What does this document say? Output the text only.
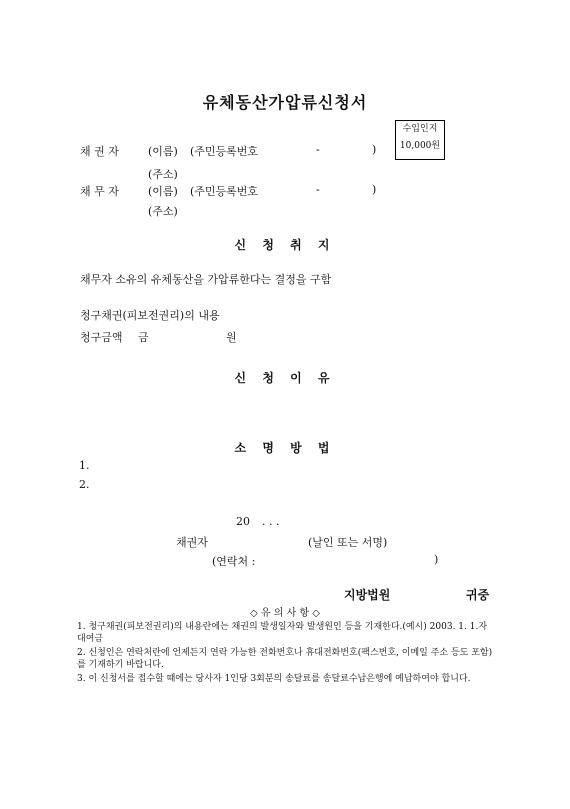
유체동산가압류신청서
수입인지
10,000원
채 권 자	(이름) (주민등록번호	-	)
(주소)
채 무 자	(이름) (주민등록번호	-	)
(주소)
신 청 취 지
채무자 소유의 유체동산을 가압류한다는 결정을 구함
청구채권(피보전권리)의 내용
청구금액 금	원
신 청 이 유
소 명 방 법
1.
2.
20 . . .
채권자	(날인 또는 서명)
(연락처 :	)
지방법원	귀중
◇ 유 의 사 항 ◇
1. 청구채권(피보전권리)의 내용란에는 채권의 발생일자와 발생원인 등을 기재한다.(예시) 2003. 1. 1.자 대여금
2. 신청인은 연락처란에 언제든지 연락 가능한 전화번호나 휴대전화번호(팩스번호, 이메일 주소 등도 포함)를 기재하기 바랍니다.
3. 이 신청서를 접수할 때에는 당사자 1인당 3회분의 송달료를 송달료수납은행에 예납하여야 합니다.
